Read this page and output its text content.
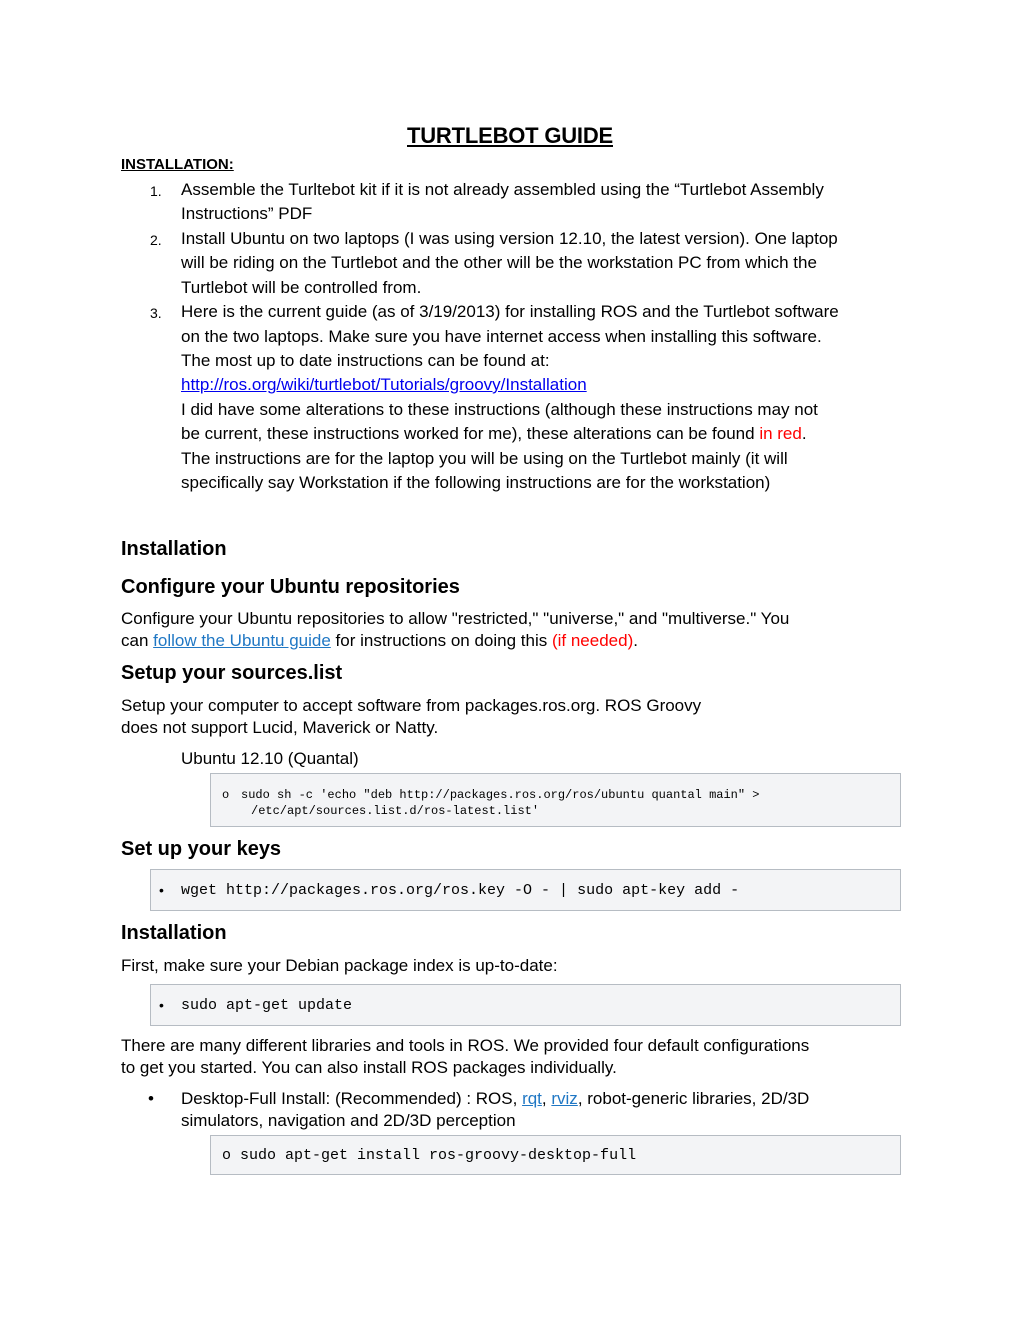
TURTLEBOT GUIDE
INSTALLATION:
1. Assemble the Turltebot kit if it is not already assembled using the “Turtlebot Assembly
Instructions” PDF
2. Install Ubuntu on two laptops (I was using version 12.10, the latest version). One laptop
will be riding on the Turtlebot and the other will be the workstation PC from which the
Turtlebot will be controlled from.
3. Here is the current guide (as of 3/19/2013) for installing ROS and the Turtlebot software
on the two laptops. Make sure you have internet access when installing this software.
The most up to date instructions can be found at:
http://ros.org/wiki/turtlebot/Tutorials/groovy/Installation
I did have some alterations to these instructions (although these instructions may not
be current, these instructions worked for me), these alterations can be found in red.
The instructions are for the laptop you will be using on the Turtlebot mainly (it will
specifically say Workstation if the following instructions are for the workstation)
Installation
Configure your Ubuntu repositories
Configure your Ubuntu repositories to allow "restricted," "universe," and "multiverse." You
can follow the Ubuntu guide for instructions on doing this (if needed).
Setup your sources.list
Setup your computer to accept software from packages.ros.org. ROS Groovy
does not support Lucid, Maverick or Natty.
Ubuntu 12.10 (Quantal)
o sudo sh -c 'echo "deb http://packages.ros.org/ros/ubuntu quantal main" >
/etc/apt/sources.list.d/ros-latest.list'
Set up your keys
• wget http://packages.ros.org/ros.key -O - | sudo apt-key add -
Installation
First, make sure your Debian package index is up-to-date:
• sudo apt-get update
There are many different libraries and tools in ROS. We provided four default configurations
to get you started. You can also install ROS packages individually.
• Desktop-Full Install: (Recommended) : ROS, rqt, rviz, robot-generic libraries, 2D/3D
simulators, navigation and 2D/3D perception
o sudo apt-get install ros-groovy-desktop-full
